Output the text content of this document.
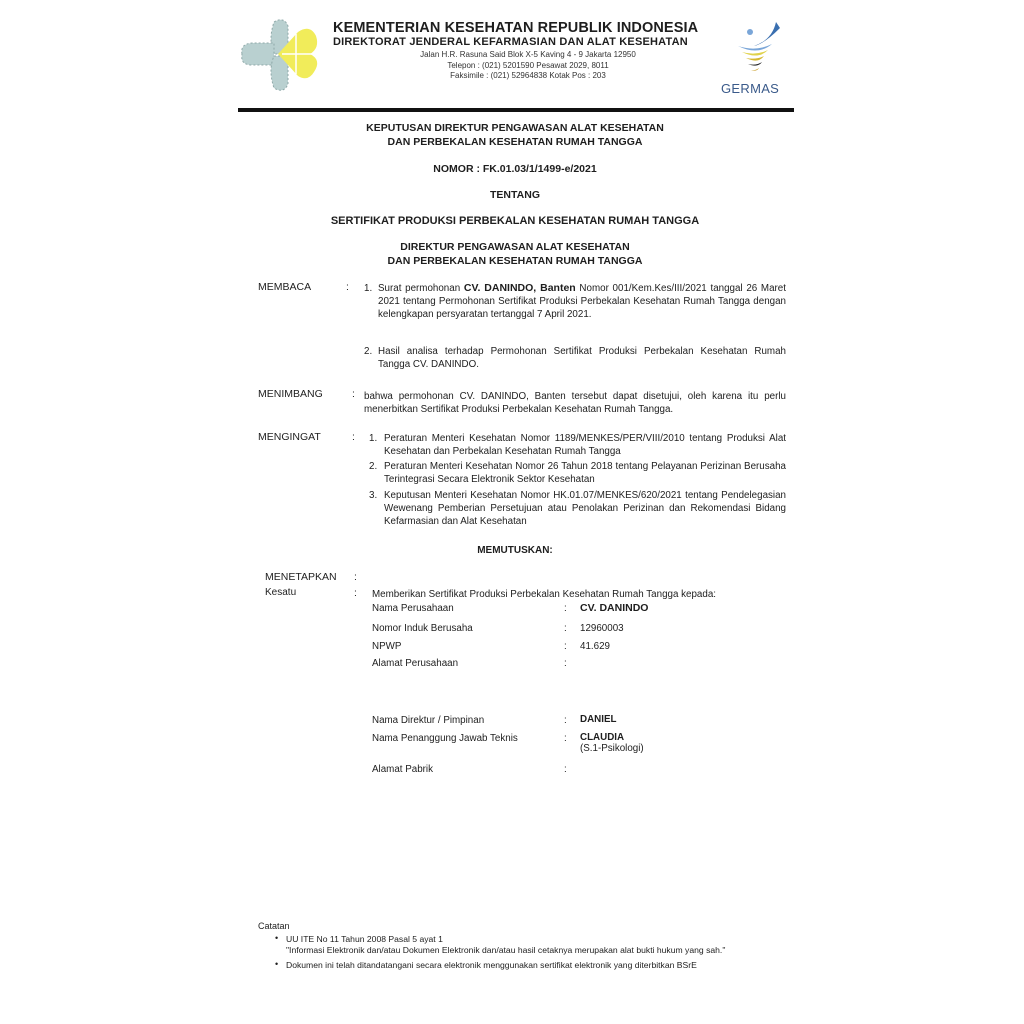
KEMENTERIAN KESEHATAN REPUBLIK INDONESIA
DIREKTORAT JENDERAL KEFARMASIAN DAN ALAT KESEHATAN
Jalan H.R. Rasuna Said Blok X-5 Kaving 4 - 9 Jakarta 12950
Telepon : (021) 5201590 Pesawat 2029, 8011
Faksimile : (021) 52964838 Kotak Pos : 203
GERMAS
KEPUTUSAN DIREKTUR PENGAWASAN ALAT KESEHATAN
DAN PERBEKALAN KESEHATAN RUMAH TANGGA
NOMOR : FK.01.03/1/1499-e/2021
TENTANG
SERTIFIKAT PRODUKSI PERBEKALAN KESEHATAN RUMAH TANGGA
DIREKTUR PENGAWASAN ALAT KESEHATAN
DAN PERBEKALAN KESEHATAN RUMAH TANGGA
MEMBACA	: 1. Surat permohonan CV. DANINDO, Banten Nomor 001/Kem.Kes/III/2021 tanggal 26 Maret 2021 tentang Permohonan Sertifikat Produksi Perbekalan Kesehatan Rumah Tangga dengan kelengkapan persyaratan tertanggal 7 April 2021.
2. Hasil analisa terhadap Permohonan Sertifikat Produksi Perbekalan Kesehatan Rumah Tangga CV. DANINDO.
MENIMBANG	: bahwa permohonan CV. DANINDO, Banten tersebut dapat disetujui, oleh karena itu perlu menerbitkan Sertifikat Produksi Perbekalan Kesehatan Rumah Tangga.
MENGINGAT	: 1. Peraturan Menteri Kesehatan Nomor 1189/MENKES/PER/VIII/2010 tentang Produksi Alat Kesehatan dan Perbekalan Kesehatan Rumah Tangga
2. Peraturan Menteri Kesehatan Nomor 26 Tahun 2018 tentang Pelayanan Perizinan Berusaha Terintegrasi Secara Elektronik Sektor Kesehatan
3. Keputusan Menteri Kesehatan Nomor HK.01.07/MENKES/620/2021 tentang Pendelegasian Wewenang Pemberian Persetujuan atau Penolakan Perizinan dan Rekomendasi Bidang Kefarmasian dan Alat Kesehatan
MEMUTUSKAN:
MENETAPKAN :
Kesatu	: Memberikan Sertifikat Produksi Perbekalan Kesehatan Rumah Tangga kepada:
Nama Perusahaan	: CV. DANINDO
Nomor Induk Berusaha	: 12960003
NPWP	: 41.629
Alamat Perusahaan	:
Nama Direktur / Pimpinan	: DANIEL
Nama Penanggung Jawab Teknis	: CLAUDIA
(S.1-Psikologi)
Alamat Pabrik	:
Catatan
• UU ITE No 11 Tahun 2008 Pasal 5 ayat 1
"Informasi Elektronik dan/atau Dokumen Elektronik dan/atau hasil cetaknya merupakan alat bukti hukum yang sah."
• Dokumen ini telah ditandatangani secara elektronik menggunakan sertifikat elektronik yang diterbitkan BSrE
